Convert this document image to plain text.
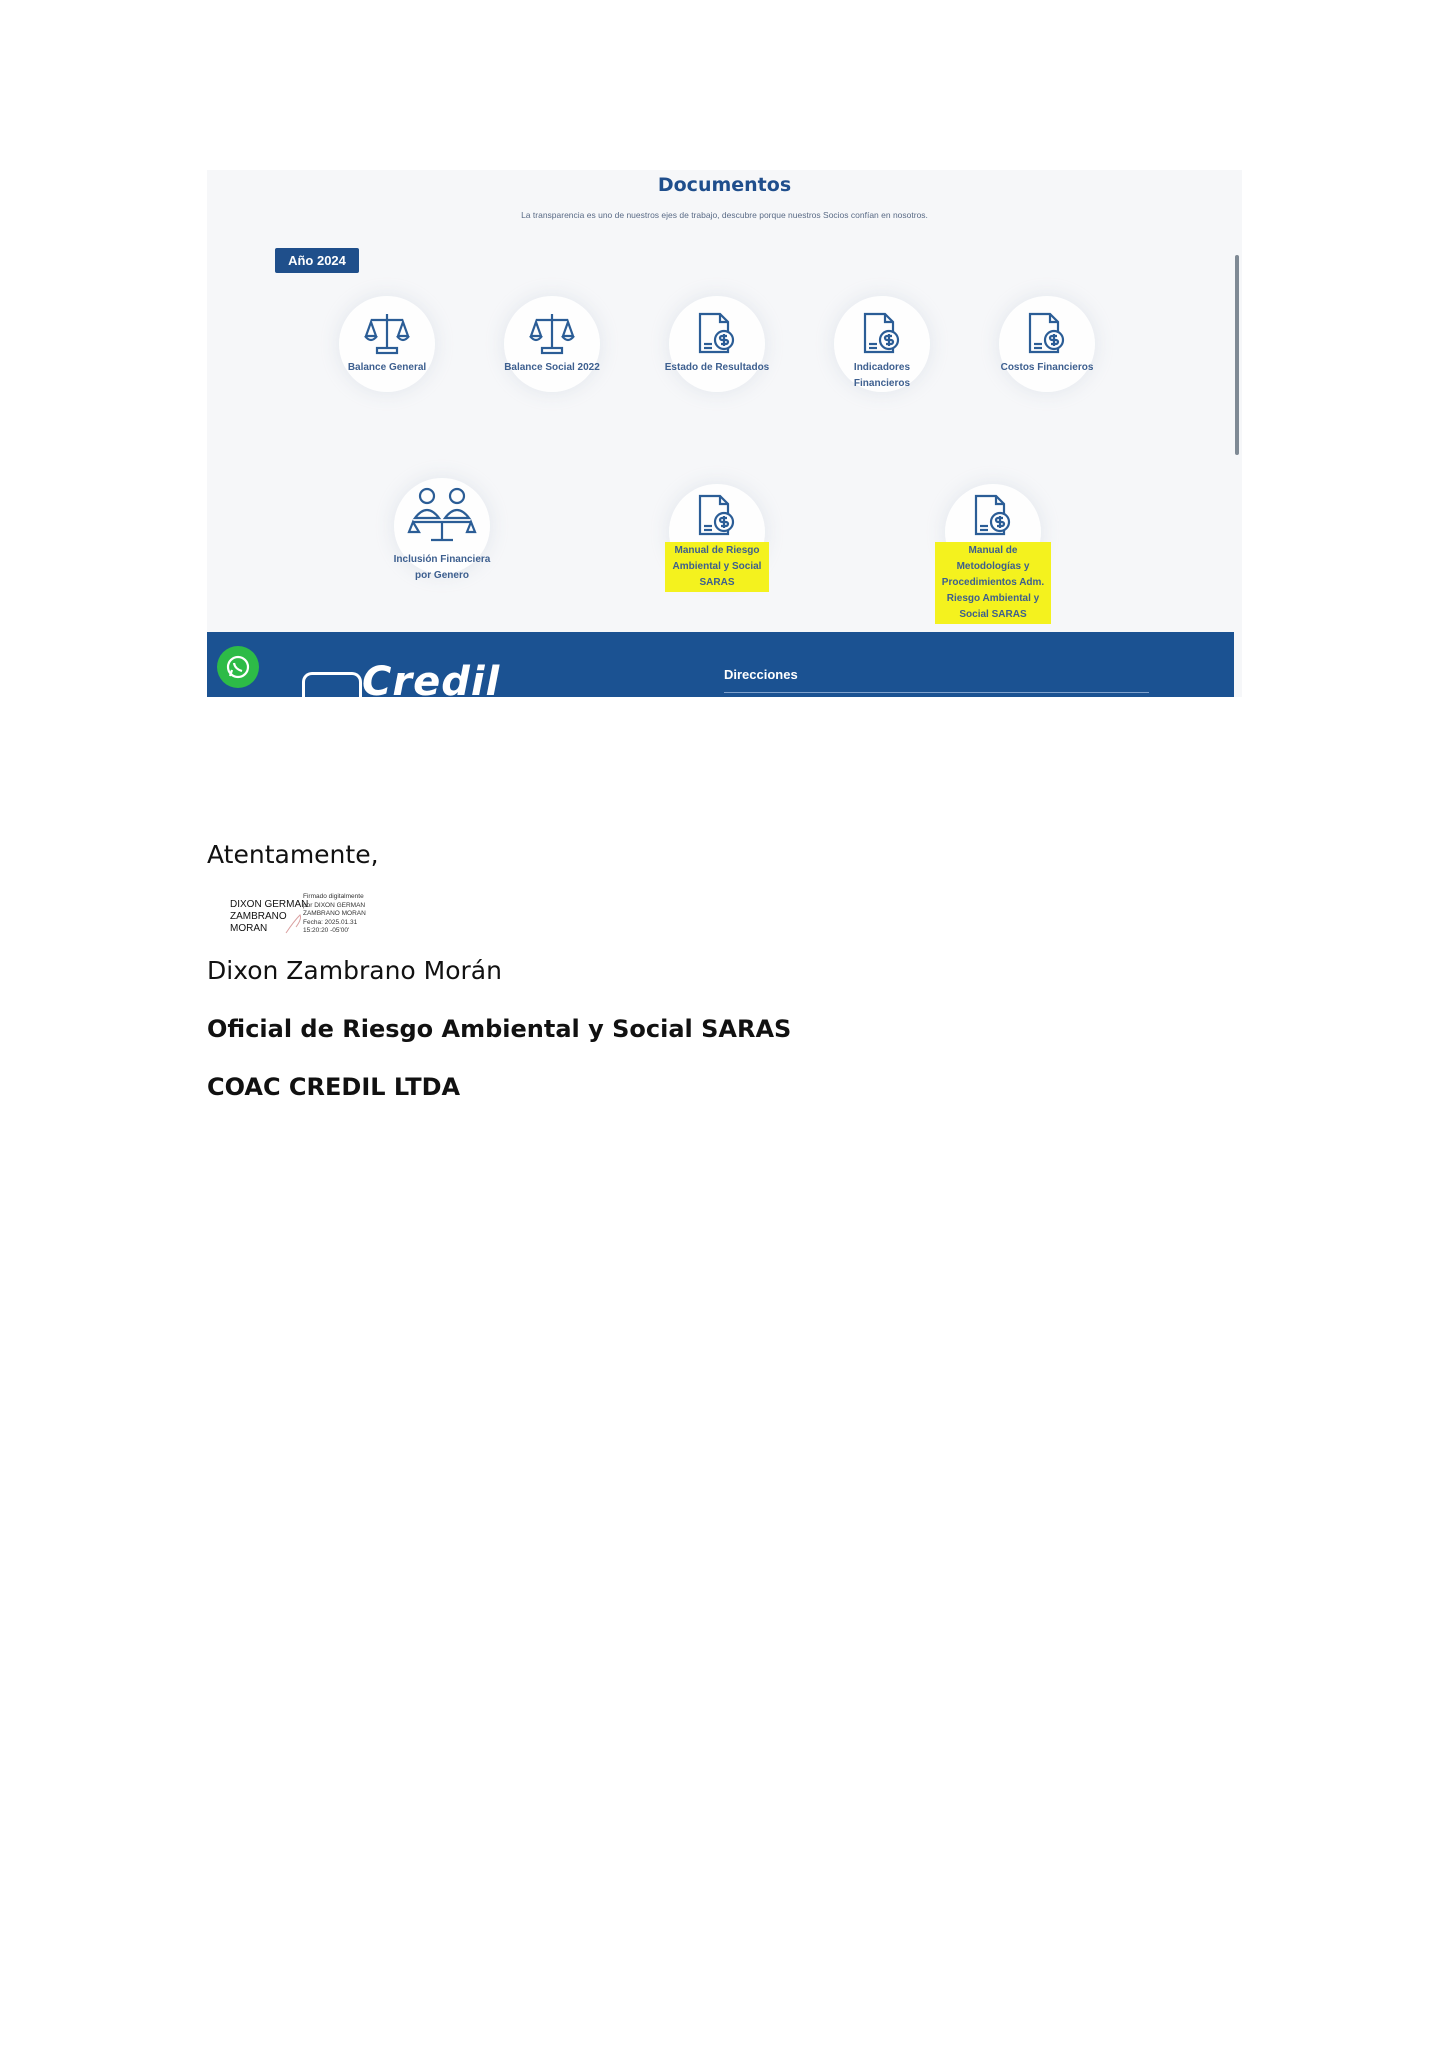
Documentos
La transparencia es uno de nuestros ejes de trabajo, descubre porque nuestros Socios confían en nosotros.
Año 2024
Balance General	Balance Social 2022	Estado de Resultados	Indicadores Financieros
Costos Financieros
Inclusión Financiera por Genero
Manual de Riesgo Ambiental y Social SARAS
Manual de Metodologías y Procedimientos Adm. Riesgo Ambiental y Social SARAS
Credil	Direcciones
Atentamente,
DIXON GERMAN
ZAMBRANO
MORAN
Firmado digitalmente
por DIXON GERMAN
ZAMBRANO MORAN
Fecha: 2025.01.31
15:20:20 -05'00'
Dixon Zambrano Morán
Oficial de Riesgo Ambiental y Social SARAS
COAC CREDIL LTDA
